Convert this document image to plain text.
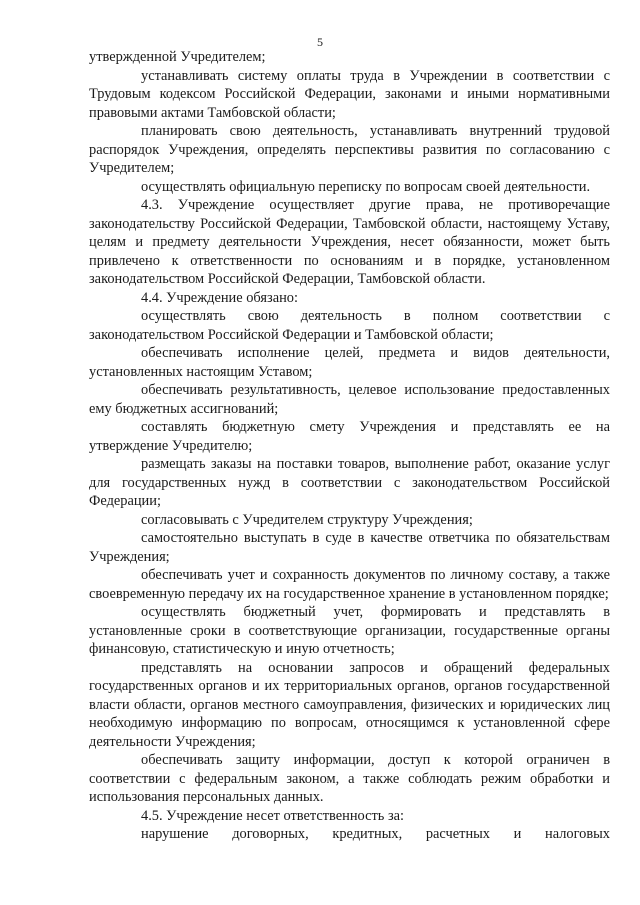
5

утвержденной Учредителем;

устанавливать систему оплаты труда в Учреждении в соответствии с Трудовым кодексом Российской Федерации, законами и иными нормативными правовыми актами Тамбовской области;

планировать свою деятельность, устанавливать внутренний трудовой распорядок Учреждения, определять перспективы развития по согласованию с Учредителем;

осуществлять официальную переписку по вопросам своей деятельности.

4.3. Учреждение осуществляет другие права, не противоречащие законодательству Российской Федерации, Тамбовской области, настоящему Уставу, целям и предмету деятельности Учреждения, несет обязанности, может быть привлечено к ответственности по основаниям и в порядке, установленном законодательством Российской Федерации, Тамбовской области.

4.4. Учреждение обязано:

осуществлять свою деятельность в полном соответствии с законодательством Российской Федерации и Тамбовской области;

обеспечивать исполнение целей, предмета и видов деятельности, установленных настоящим Уставом;

обеспечивать результативность, целевое использование предоставленных ему бюджетных ассигнований;

составлять бюджетную смету Учреждения и представлять ее на утверждение Учредителю;

размещать заказы на поставки товаров, выполнение работ, оказание услуг для государственных нужд в соответствии с законодательством Российской Федерации;

согласовывать с Учредителем структуру Учреждения;

самостоятельно выступать в суде в качестве ответчика по обязательствам Учреждения;

обеспечивать учет и сохранность документов по личному составу, а также своевременную передачу их на государственное хранение в установленном порядке;

осуществлять бюджетный учет, формировать и представлять в установленные сроки в соответствующие организации, государственные органы финансовую, статистическую и иную отчетность;

представлять на основании запросов и обращений федеральных государственных органов и их территориальных органов, органов государственной власти области, органов местного самоуправления, физических и юридических лиц необходимую информацию по вопросам, относящимся к установленной сфере деятельности Учреждения;

обеспечивать защиту информации, доступ к которой ограничен в соответствии с федеральным законом, а также соблюдать режим обработки и использования персональных данных.

4.5. Учреждение несет ответственность за:

нарушение договорных, кредитных, расчетных и налоговых
